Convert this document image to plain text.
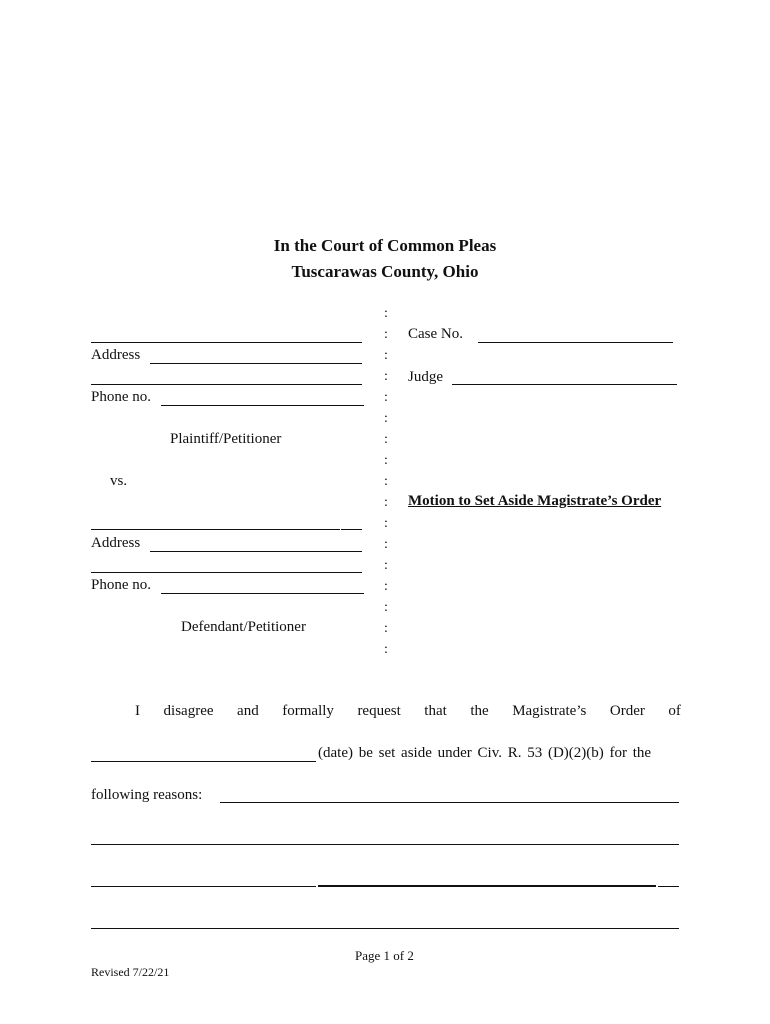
In the Court of Common Pleas
Tuscarawas County, Ohio
:
:
:
:
:
:
:
:
:
:
:
:
:
:
:
:
:
Address
Phone no.
Plaintiff/Petitioner
vs.
Address
Phone no.
Defendant/Petitioner
Case No.
Judge
Motion to Set Aside Magistrate’s Order
I disagree and formally request that the Magistrate’s Order of
(date) be set aside under Civ. R. 53 (D)(2)(b) for the
following reasons:
Page 1 of 2
Revised 7/22/21
